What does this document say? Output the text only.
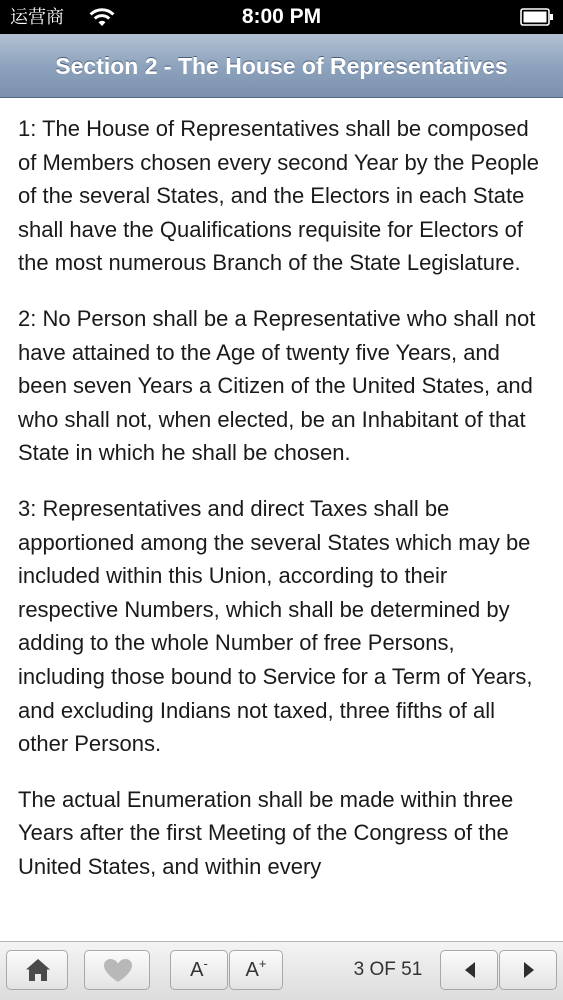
运营商	8:00 PM
Section 2 - The House of Representatives

1: The House of Representatives shall be composed of Members chosen every second Year by the People of the several States, and the Electors in each State shall have the Qualifications requisite for Electors of the most numerous Branch of the State Legislature.

2: No Person shall be a Representative who shall not have attained to the Age of twenty five Years, and been seven Years a Citizen of the United States, and who shall not, when elected, be an Inhabitant of that State in which he shall be chosen.

3: Representatives and direct Taxes shall be apportioned among the several States which may be included within this Union, according to their respective Numbers, which shall be determined by adding to the whole Number of free Persons, including those bound to Service for a Term of Years, and excluding Indians not taxed, three fifths of all other Persons.

The actual Enumeration shall be made within three Years after the first Meeting of the Congress of the United States, and within every

A-	A+	3 OF 51
